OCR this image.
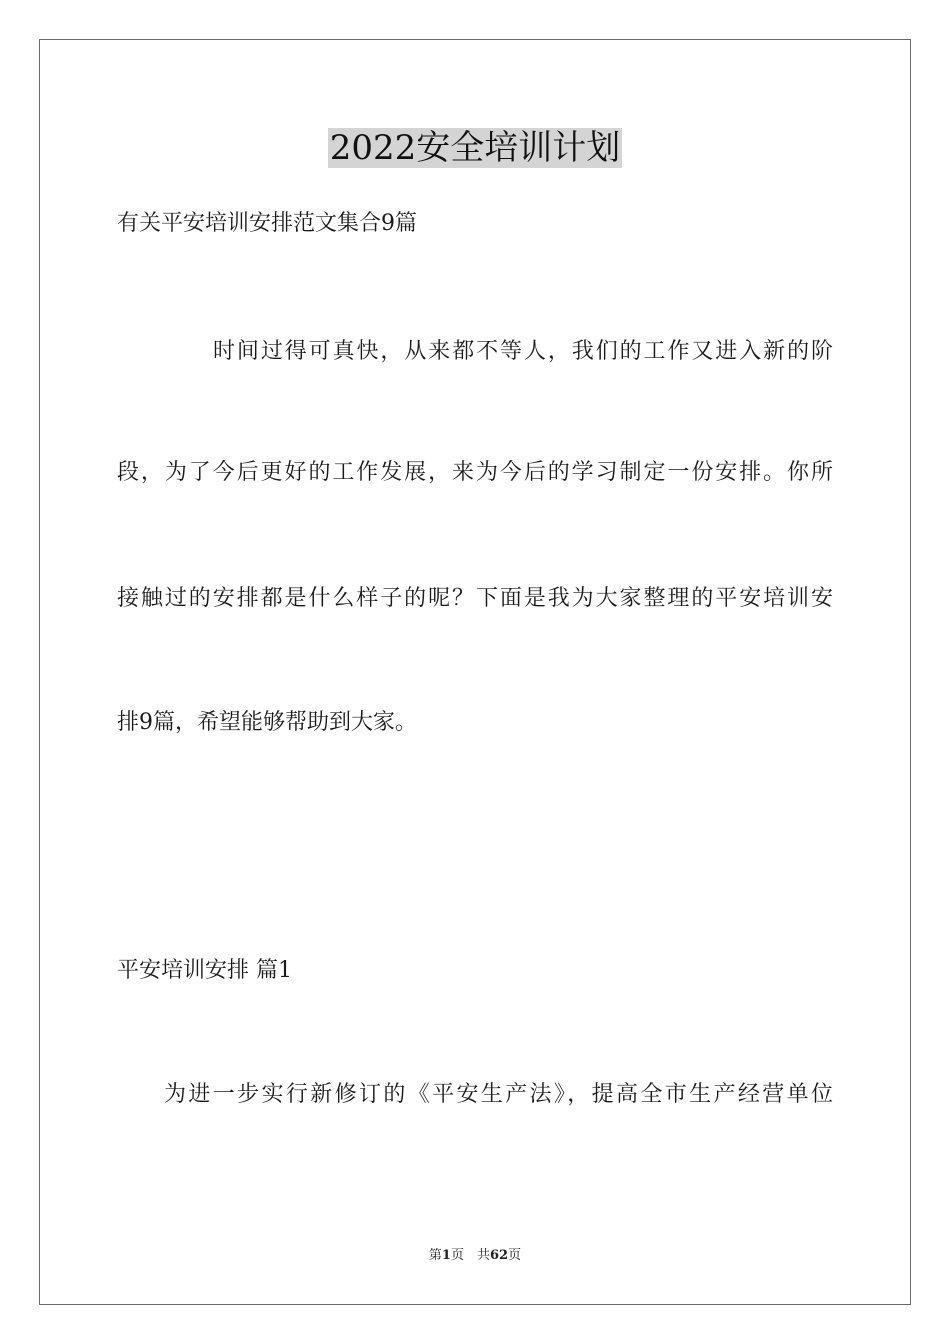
2022安全培训计划
有关平安培训安排范文集合9篇
时间过得可真快，从来都不等人，我们的工作又进入新的阶
段，为了今后更好的工作发展，来为今后的学习制定一份安排。你所
接触过的安排都是什么样子的呢？下面是我为大家整理的平安培训安
排9篇，希望能够帮助到大家。
平安培训安排 篇1
为进一步实行新修订的《平安生产法》，提高全市生产经营单位
第1页　共62页
